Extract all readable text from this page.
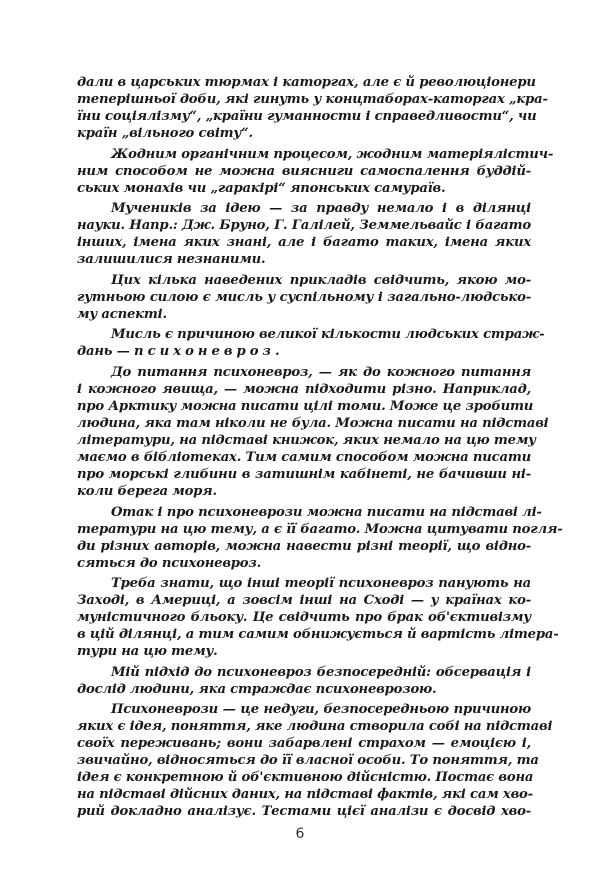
дали в царських тюрмах і каторгах, але є й революціонери
теперішньої доби, які гинуть у концтаборах-каторгах „кра-
їни соціялізму“, „країни гуманности і справедливости“, чи
країн „вільного світу“.
Жодним органічним процесом, жодним матеріялістич-
ним способом не можна виясниги самоспалення буддій-
ських монахів чи „гаракірі“ японських самураїв.
Мучеників за ідею — за правду немало і в ділянці
науки. Напр.: Дж. Бруно, Г. Галілей, Земмельвайс і багато
інших, імена яких знані, але і багато таких, імена яких
залишилися незнаними.
Цих кілька наведених прикладів свідчить, якою мо-
гутньою силою є мисль у суспільному і загально-людсько-
му аспекті.
Мисль є причиною великої кількости людських страж-
дань — психоневроз.
До питання психоневроз, — як до кожного питання
і кожного явища, — можна підходити різно. Наприклад,
про Арктику можна писати цілі томи. Може це зробити
людина, яка там ніколи не була. Можна писати на підставі
літератури, на підставі книжок, яких немало на цю тему
маємо в бібліотеках. Тим самим способом можна писати
про морські глибини в затишнім кабінеті, не бачивши ні-
коли берега моря.
Отак і про психоневрози можна писати на підставі лі-
тератури на цю тему, а є її багато. Можна цитувати погля-
ди різних авторів, можна навести різні теорії, що відно-
сяться до психоневроз.
Треба знати, що інші теорії психоневроз панують на
Заході, в Америці, а зовсім інші на Сході — у країнах ко-
муністичного бльоку. Це свідчить про брак об'єктивізму
в цій ділянці, а тим самим обнижується й вартість літера-
тури на цю тему.
Мій підхід до психоневроз безпосередній: обсервація і
дослід людини, яка страждає психоневрозою.
Психоневрози — це недуги, безпосередньою причиною
яких є ідея, поняття, яке людина створила собі на підставі
своїх переживань; вони забарвлені страхом — емоцією і,
звичайно, відносяться до її власної особи. То поняття, та
ідея є конкретною й об'єктивною дійсністю. Постає вона
на підставі дійсних даних, на підставі фактів, які сам хво-
рий докладно аналізує. Тестами цієї аналізи є досвід хво-
6
